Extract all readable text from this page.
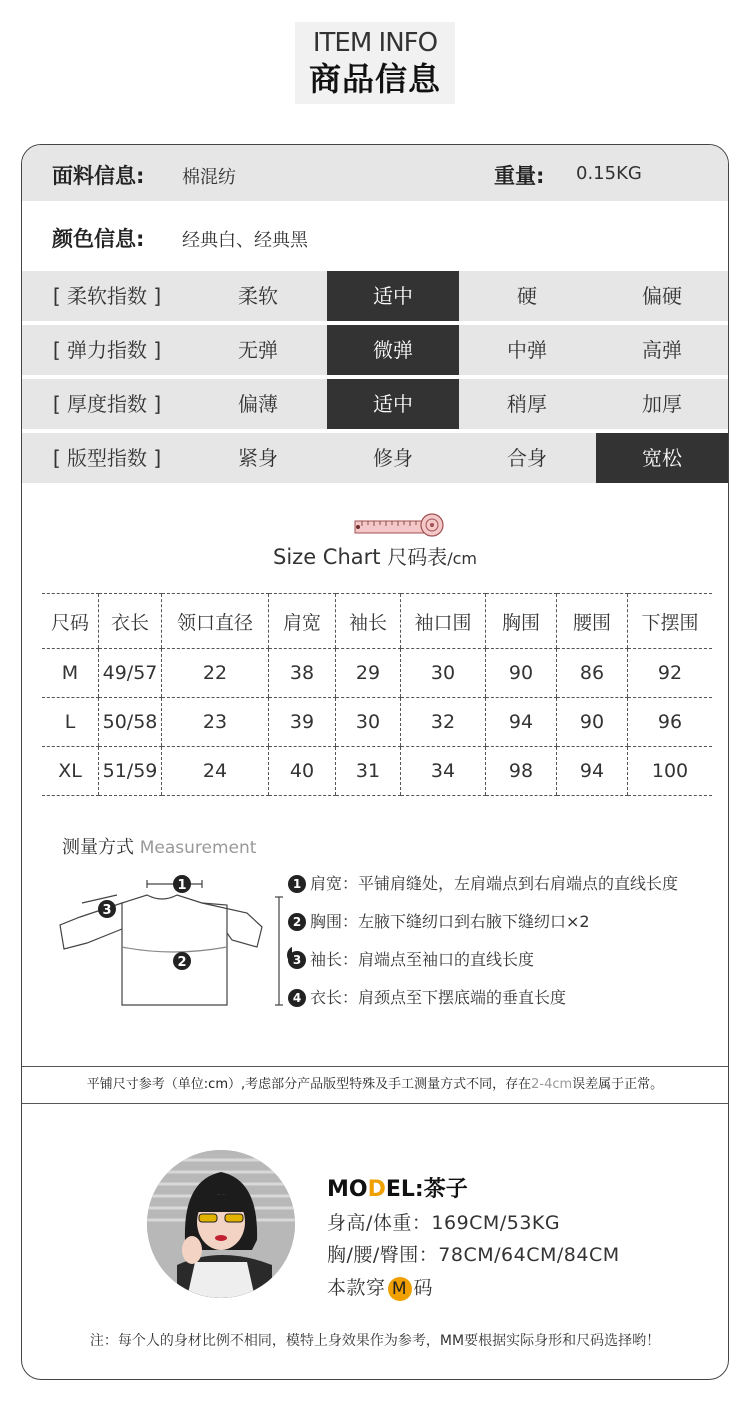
ITEM INFO
商品信息
面料信息: 棉混纺	重量: 0.15KG
颜色信息: 经典白、经典黑
[ 柔软指数 ]	柔软	适中	硬	偏硬
[ 弹力指数 ]	无弹	微弹	中弹	高弹
[ 厚度指数 ]	偏薄	适中	稍厚	加厚
[ 版型指数 ]	紧身	修身	合身	宽松
Size Chart 尺码表/cm
尺码	衣长	领口直径	肩宽	袖长	袖口围	胸围	腰围	下摆围
M	49/57	22	38	29	30	90	86	92
L	50/58	23	39	30	32	94	90	96
XL	51/59	24	40	31	34	98	94	100
测量方式 Measurement
1
2
3
1 肩宽：平铺肩缝处，左肩端点到右肩端点的直线长度
2 胸围：左腋下缝纫口到右腋下缝纫口×2
3 袖长：肩端点至袖口的直线长度
4 衣长：肩颈点至下摆底端的垂直长度
平铺尺寸参考（单位:cm）,考虑部分产品版型特殊及手工测量方式不同，存在2-4cm误差属于正常。
MODEL:茶子
身高/体重：169CM/53KG
胸/腰/臀围：78CM/64CM/84CM
本款穿 M 码
注：每个人的身材比例不相同，模特上身效果作为参考，MM要根据实际身形和尺码选择哟！
